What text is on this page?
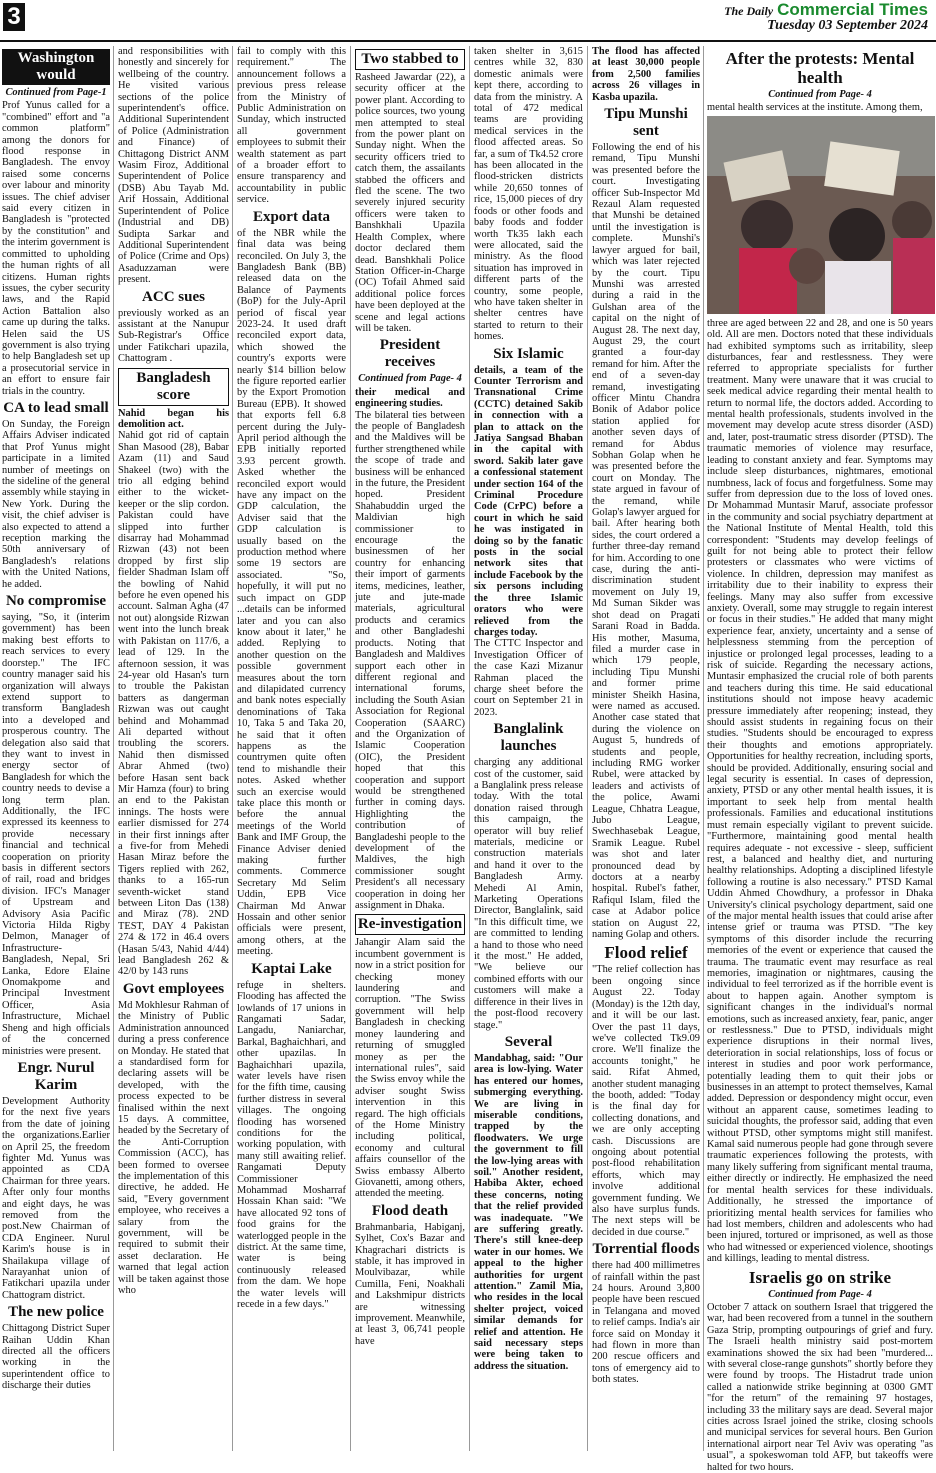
3	The Daily Commercial Times
Tuesday 03 September 2024
Washington would
Continued from Page-1

Prof Yunus called for a "combined" effort and "a common platform" among the donors for flood response in Bangladesh. The envoy raised some concerns over labour and minority issues. The chief adviser said every citizen in Bangladesh is "protected by the constitution" and the interim government is committed to upholding the human rights of all citizens. Human rights issues, the cyber security laws, and the Rapid Action Battalion also came up during the talks. Helen said the US government is also trying to help Bangladesh set up a prosecutorial service in an effort to ensure fair trials in the country.

CA to lead small

On Sunday, the Foreign Affairs Adviser indicated that Prof Yunus might participate in a limited number of meetings on the sideline of the general assembly while staying in New York. During the visit, the chief adviser is also expected to attend a reception marking the 50th anniversary of Bangladesh's relations with the United Nations, he added.

No compromise

saying, "So, it (interim government) has been making best efforts to reach services to every doorstep." The IFC country manager said his organization will always extend support to transform Bangladesh into a developed and prosperous country. The delegation also said that they want to invest in energy sector of Bangladesh for which the country needs to devise a long term plan. Additionally, the IFC expressed its keenness to provide necessary financial and technical cooperation on priority basis in different sectors of rail, road and bridges division. IFC's Manager of Upstream and Advisory Asia Pacific Victoria Hilda Rigby Delmon, Manager of Infrastructure-Bangladesh, Nepal, Sri Lanka, Edore Elaine Onomakpome and Principal Investment Officer, Asia Infrastructure, Michael Sheng and high officials of the concerned ministries were present.

Engr. Nurul Karim

Development Authority for the next five years from the date of joining the organizations.Earlier on April 25, the freedom fighter Md. Yunus was appointed as CDA Chairman for three years. After only four months and eight days, he was removed from the post.New Chairman of CDA Engineer. Nurul Karim's house is in Shailakupa village of Narayanhat union of Fatikchari upazila under Chattogram district.

The new police

Chittagong District Super Raihan Uddin Khan directed all the officers working in the superintendent office to discharge their duties

and responsibilities with honestly and sincerely for wellbeing of the country. He visited various sections of the police superintendent's office. Additional Superintendent of Police (Administration and Finance) of Chittagong District ANM Wasim Firoz, Additional Superintendent of Police (DSB) Abu Tayab Md. Arif Hossain, Additional Superintendent of Police (Industrial and DB) Sudipta Sarkar and Additional Superintendent of Police (Crime and Ops) Asaduzzaman were present.

ACC sues

previously worked as an assistant at the Nanupur Sub-Registrar's Office under Fatikchari upazila, Chattogram .

Bangladesh score

Nahid began his demolition act.

Nahid got rid of captain Shan Masood (28), Babar Azam (11) and Saud Shakeel (two) with the trio all edging behind either to the wicket-keeper or the slip cordon. Pakistan could have slipped into further disarray had Mohammad Rizwan (43) not been dropped by first slip fielder Shadman Islam off the bowling of Nahid before he even opened his account. Salman Agha (47 not out) alongside Rizwan went into the lunch break with Pakistan on 117/6, a lead of 129. In the afternoon session, it was 24-year old Hasan's turn to trouble the Pakistan batters as dangerman Rizwan was out caught behind and Mohammad Ali departed without troubling the scorers. Nahid then dismissed Abrar Ahmed (two) before Hasan sent back Mir Hamza (four) to bring an end to the Pakistan innings. The hosts were earlier dismissed for 274 in their first innings after a five-for from Mehedi Hasan Miraz before the Tigers replied with 262, thanks to a 165-run seventh-wicket stand between Liton Das (138) and Miraz (78). 2ND TEST, DAY 4 Pakistan 274 & 172 in 46.4 overs (Hasan 5/43, Nahid 4/44) lead Bangladesh 262 & 42/0 by 143 runs

Govt employees

Md Mokhlesur Rahman of the Ministry of Public Administration announced during a press conference on Monday. He stated that a standardised form for declaring assets will be developed, with the process expected to be finalised within the next 15 days. A committee, headed by the Secretary of the Anti-Corruption Commission (ACC), has been formed to oversee the implementation of this directive, he added. He said, "Every government employee, who receives a salary from the government, will be required to submit their asset declaration. He warned that legal action will be taken against those who

fail to comply with this requirement." The announcement follows a previous press release from the Ministry of Public Administration on Sunday, which instructed all government employees to submit their wealth statement as part of a broader effort to ensure transparency and accountability in public service.

Export data

of the NBR while the final data was being reconciled. On July 3, the Bangladesh Bank (BB) released data on the Balance of Payments (BoP) for the July-April period of fiscal year 2023-24. It used draft reconciled export data, which showed the country's exports were nearly $14 billion below the figure reported earlier by the Export Promotion Bureau (EPB). It showed that exports fell 6.8 percent during the July-April period although the EPB initially reported 3.93 percent growth. Asked whether the reconciled export would have any impact on the GDP calculation, the Adviser said that the GDP calculation is usually based on the production method where some 19 sectors are associated. "So, hopefully, it will put no such impact on GDP ...details can be informed later and you can also know about it later," he added. Replying to another question on the possible government measures about the torn and dilapidated currency and bank notes especially denominations of Taka 10, Taka 5 and Taka 20, he said that it often happens as the countrymen quite often tend to mishandle their notes. Asked whether such an exercise would take place this month or before the annual meetings of the World Bank and IMF Group, the Finance Adviser denied making further comments. Commerce Secretary Md Selim Uddin, EPB Vice Chairman Md Anwar Hossain and other senior officials were present, among others, at the meeting.

Kaptai Lake

refuge in shelters. Flooding has affected the lowlands of 17 unions in Rangamati Sadar, Langadu, Naniarchar, Barkal, Baghaichhari, and other upazilas. In Baghaichhari upazila, water levels have risen for the fifth time, causing further distress in several villages. The ongoing flooding has worsened conditions for the working population, with many still awaiting relief. Rangamati Deputy Commissioner Mohammad Mosharraf Hossain Khan said: "We have allocated 92 tons of food grains for the waterlogged people in the district. At the same time, water is being continuously released from the dam. We hope the water levels will recede in a few days."

Two stabbed to

Rasheed Jawardar (22), a security officer at the power plant. According to police sources, two young men attempted to steal from the power plant on Sunday night. When the security officers tried to catch them, the assailants stabbed the officers and fled the scene. The two severely injured security officers were taken to Banshkhali Upazila Health Complex, where doctor declared them dead. Banshkhali Police Station Officer-in-Charge (OC) Tofail Ahmed said additional police forces have been deployed at the scene and legal actions will be taken.

President receives
Continued from Page- 4

their medical and engineering studies.

The bilateral ties between the people of Bangladesh and the Maldives will be further strengthened while the scope of trade and business will be enhanced in the future, the President hoped. President Shahabuddin urged the Maldivian high commissioner to encourage the businessmen of her country for enhancing their import of garments items, medicines, leather, jute and jute-made materials, agricultural products and ceramics and other Bangladeshi products. Noting that Bangladesh and Maldives support each other in different regional and international forums, including the South Asian Association for Regional Cooperation (SAARC) and the Organization of Islamic Cooperation (OIC), the President hoped that this cooperation and support would be strengthened further in coming days. Highlighting the contribution of Bangladeshi people to the development of the Maldives, the high commissioner sought President's all necessary cooperation in doing her assignment in Dhaka.

Re-investigation

Jahangir Alam said the incumbent government is now in a strict position for checking money laundering and corruption. "The Swiss government will help Bangladesh in checking money laundering and returning of smuggled money as per the international rules", said the Swiss envoy while the adviser sought Swiss intervention in this regard. The high officials of the Home Ministry including political, economy and cultural affairs counsellor of the Swiss embassy Alberto Giovanetti, among others, attended the meeting.

Flood death

Brahmanbaria, Habiganj, Sylhet, Cox's Bazar and Khagrachari districts is stable, it has improved in Moulvibazar, while Cumilla, Feni, Noakhali and Lakshmipur districts are witnessing improvement. Meanwhile, at least 3, 06,741 people have

taken shelter in 3,615 centres while 32, 830 domestic animals were kept there, according to data from the ministry. A total of 472 medical teams are providing medical services in the flood affected areas. So far, a sum of Tk4.52 crore has been allocated in the flood-stricken districts while 20,650 tonnes of rice, 15,000 pieces of dry foods or other foods and baby foods and fodder worth Tk35 lakh each were allocated, said the ministry. As the flood situation has improved in different parts of the country, some people, who have taken shelter in shelter centres have started to return to their homes.

Six Islamic

details, a team of the Counter Terrorism and Transnational Crime (CCTC) detained Sakib in connection with a plan to attack on the Jatiya Sangsad Bhaban in the capital with sword. Sakib later gave a confessional statement under section 164 of the Criminal Procedure Code (CrPC) before a court in which he said he was instigated in doing so by the fanatic posts in the social network sites that include Facebook by the six persons including the three Islamic orators who were relieved from the charges today.

The CTTC Inspector and Investigation Officer of the case Kazi Mizanur Rahman placed the charge sheet before the court on September 21 in 2023.

Banglalink launches

charging any additional cost of the customer, said a Banglalink press release today. With the total donation raised through this campaign, the operator will buy relief materials, medicine or construction materials and hand it over to the Bangladesh Army. Mehedi Al Amin, Marketing Operations Director, Banglalink, said "In this difficult time, we are committed to lending a hand to those who need it the most." He added, "We believe our combined efforts with our customers will make a difference in their lives in the post-flood recovery stage."

Several

Mandabhag, said: "Our area is low-lying. Water has entered our homes, submerging everything. We are living in miserable conditions, trapped by the floodwaters. We urge the government to fill the low-lying areas with soil." Another resident, Habiba Akter, echoed these concerns, noting that the relief provided was inadequate. "We are suffering greatly. There's still knee-deep water in our homes. We appeal to the higher authorities for urgent attention." Zamil Mia, who resides in the local shelter project, voiced similar demands for relief and attention. He said necessary steps were being taken to address the situation.

The flood has affected at least 30,000 people from 2,500 families across 26 villages in Kasba upazila.

Tipu Munshi sent

Following the end of his remand, Tipu Munshi was presented before the court. Investigating officer Sub-Inspector Md Rezaul Alam requested that Munshi be detained until the investigation is complete. Munshi's lawyer argued for bail, which was later rejected by the court. Tipu Munshi was arrested during a raid in the Gulshan area of the capital on the night of August 28. The next day, August 29, the court granted a four-day remand for him. After the end of a seven-day remand, investigating officer Mintu Chandra Bonik of Adabor police station applied for another seven days of remand for Abdus Sobhan Golap when he was presented before the court on Monday. The state argued in favour of the remand, while Golap's lawyer argued for bail. After hearing both sides, the court ordered a further three-day remand for him. According to one case, during the anti-discrimination student movement on July 19, Md Suman Sikder was shot dead on Pragati Sarani Road in Badda. His mother, Masuma, filed a murder case in which 179 people, including Tipu Munshi and former prime minister Sheikh Hasina, were named as accused. Another case stated that during the violence on August 5, hundreds of students and people, including RMG worker Rubel, were attacked by leaders and activists of the police, Awami League, Chhatra League, Jubo League, Swechhasebak League, Sramik League. Rubel was shot and later pronounced dead by doctors at a nearby hospital. Rubel's father, Rafiqul Islam, filed the case at Adabor police station on August 22, naming Golap and others.

Flood relief

"The relief collection has been ongoing since August 22. Today (Monday) is the 12th day, and it will be our last. Over the past 11 days, we've collected Tk9.09 crore. We'll finalize the accounts tonight," he said. Rifat Ahmed, another student managing the booth, added: "Today is the final day for collecting donations, and we are only accepting cash. Discussions are ongoing about potential post-flood rehabilitation efforts, which may involve additional government funding. We also have surplus funds. The next steps will be decided in due course."

Torrential floods

there had 400 millimetres of rainfall within the past 24 hours. Around 3,800 people have been rescued in Telangana and moved to relief camps. India's air force said on Monday it had flown in more than 200 rescue officers and tons of emergency aid to both states.

After the protests: Mental health
Continued from Page- 4

mental health services at the institute. Among them,

three are aged between 22 and 28, and one is 50 years old. All are men. Doctors noted that these individuals had exhibited symptoms such as irritability, sleep disturbances, fear and restlessness. They were referred to appropriate specialists for further treatment. Many were unaware that it was crucial to seek medical advice regarding their mental health to return to normal life, the doctors added. According to mental health professionals, students involved in the movement may develop acute stress disorder (ASD) and, later, post-traumatic stress disorder (PTSD). The traumatic memories of violence may resurface, leading to constant anxiety and fear. Symptoms may include sleep disturbances, nightmares, emotional numbness, lack of focus and forgetfulness. Some may suffer from depression due to the loss of loved ones. Dr Mohammad Muntasir Maruf, associate professor in the community and social psychiatry department at the National Institute of Mental Health, told this correspondent: "Students may develop feelings of guilt for not being able to protect their fellow protesters or classmates who were victims of violence. In children, depression may manifest as irritability due to their inability to express their feelings. Many may also suffer from excessive anxiety. Overall, some may struggle to regain interest or focus in their studies." He added that many might experience fear, anxiety, uncertainty and a sense of helplessness stemming from the perception of injustice or prolonged legal processes, leading to a risk of suicide. Regarding the necessary actions, Muntasir emphasized the crucial role of both parents and teachers during this time. He said educational institutions should not impose heavy academic pressure immediately after reopening; instead, they should assist students in regaining focus on their studies. "Students should be encouraged to express their thoughts and emotions appropriately. Opportunities for healthy recreation, including sports, should be provided. Additionally, ensuring social and legal security is essential. In cases of depression, anxiety, PTSD or any other mental health issues, it is important to seek help from mental health professionals. Families and educational institutions must remain especially vigilant to prevent suicide. "Furthermore, maintaining good mental health requires adequate - not excessive - sleep, sufficient rest, a balanced and healthy diet, and nurturing healthy relationships. Adopting a disciplined lifestyle following a routine is also necessary." PTSD Kamal Uddin Ahmed Chowdhury, a professor in Dhaka University's clinical psychology department, said one of the major mental health issues that could arise after intense grief or trauma was PTSD. "The key symptoms of this disorder include the recurring memories of the event or experience that caused the trauma. The traumatic event may resurface as real memories, imagination or nightmares, causing the individual to feel terrorized as if the horrible event is about to happen again. Another symptom is significant changes in the individual's normal emotions, such as increased anxiety, fear, panic, anger or restlessness." Due to PTSD, individuals might experience disruptions in their normal lives, deterioration in social relationships, loss of focus or interest in studies and poor work performance, potentially leading them to quit their jobs or businesses in an attempt to protect themselves, Kamal added. Depression or despondency might occur, even without an apparent cause, sometimes leading to suicidal thoughts, the professor said, adding that even without PTSD, other symptoms might still manifest. Kamal said numerous people had gone through severe traumatic experiences following the protests, with many likely suffering from significant mental trauma, either directly or indirectly. He emphasized the need for mental health services for these individuals. Additionally, he stressed the importance of prioritizing mental health services for families who had lost members, children and adolescents who had been injured, tortured or imprisoned, as well as those who had witnessed or experienced violence, shootings and killings, leading to mental distress.

Israelis go on strike
Continued from Page- 4

October 7 attack on southern Israel that triggered the war, had been recovered from a tunnel in the southern Gaza Strip, prompting outpourings of grief and fury. The Israeli health ministry said post-mortem examinations showed the six had been "murdered... with several close-range gunshots" shortly before they were found by troops. The Histadrut trade union called a nationwide strike beginning at 0300 GMT "for the return" of the remaining 97 hostages, including 33 the military says are dead. Several major cities across Israel joined the strike, closing schools and municipal services for several hours. Ben Gurion international airport near Tel Aviv was operating "as usual", a spokeswoman told AFP, but takeoffs were halted for two hours.
